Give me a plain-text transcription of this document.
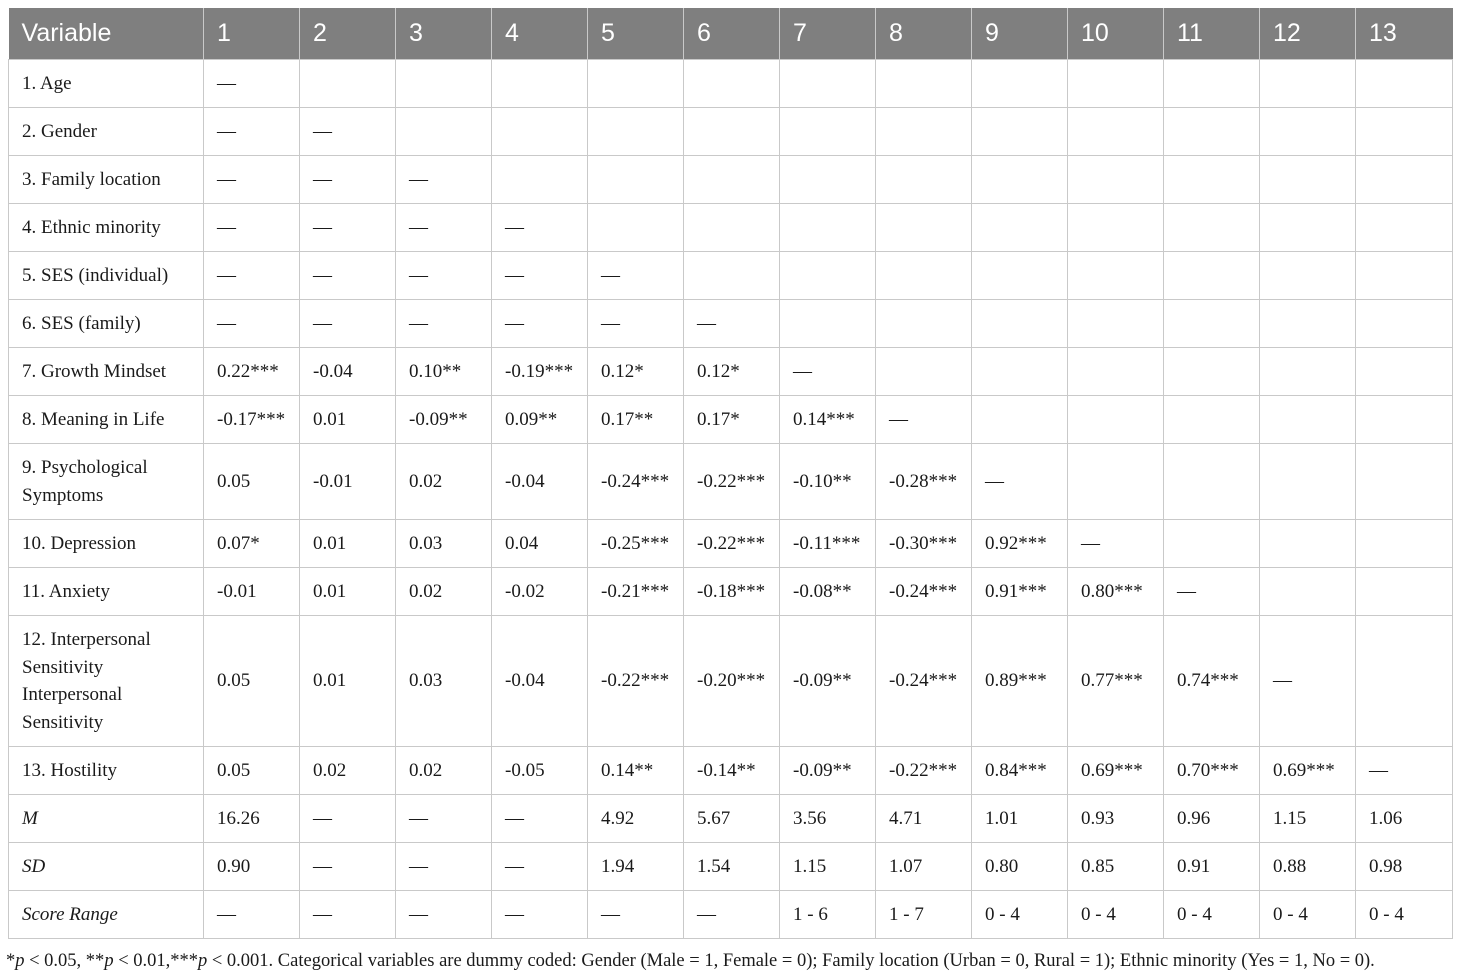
Variable	1	2	3	4	5	6	7	8	9	10	11	12	13
1. Age	—												
2. Gender	—	—											
3. Family location	—	—	—										
4. Ethnic minority	—	—	—	—									
5. SES (individual)	—	—	—	—	—								
6. SES (family)	—	—	—	—	—	—							
7. Growth Mindset	0.22***	-0.04	0.10**	-0.19***	0.12*	0.12*	—						
8. Meaning in Life	-0.17***	0.01	-0.09**	0.09**	0.17**	0.17*	0.14***	—					
9. Psychological Symptoms	0.05	-0.01	0.02	-0.04	-0.24***	-0.22***	-0.10**	-0.28***	—				
10. Depression	0.07*	0.01	0.03	0.04	-0.25***	-0.22***	-0.11***	-0.30***	0.92***	—			
11. Anxiety	-0.01	0.01	0.02	-0.02	-0.21***	-0.18***	-0.08**	-0.24***	0.91***	0.80***	—		
12. Interpersonal Sensitivity Interpersonal Sensitivity	0.05	0.01	0.03	-0.04	-0.22***	-0.20***	-0.09**	-0.24***	0.89***	0.77***	0.74***	—	
13. Hostility	0.05	0.02	0.02	-0.05	0.14**	-0.14**	-0.09**	-0.22***	0.84***	0.69***	0.70***	0.69***	—
M	16.26	—	—	—	4.92	5.67	3.56	4.71	1.01	0.93	0.96	1.15	1.06
SD	0.90	—	—	—	1.94	1.54	1.15	1.07	0.80	0.85	0.91	0.88	0.98
Score Range	—	—	—	—	—	—	1 - 6	1 - 7	0 - 4	0 - 4	0 - 4	0 - 4	0 - 4
*p < 0.05, **p < 0.01,***p < 0.001. Categorical variables are dummy coded: Gender (Male = 1, Female = 0); Family location (Urban = 0, Rural = 1); Ethnic minority (Yes = 1, No = 0).
